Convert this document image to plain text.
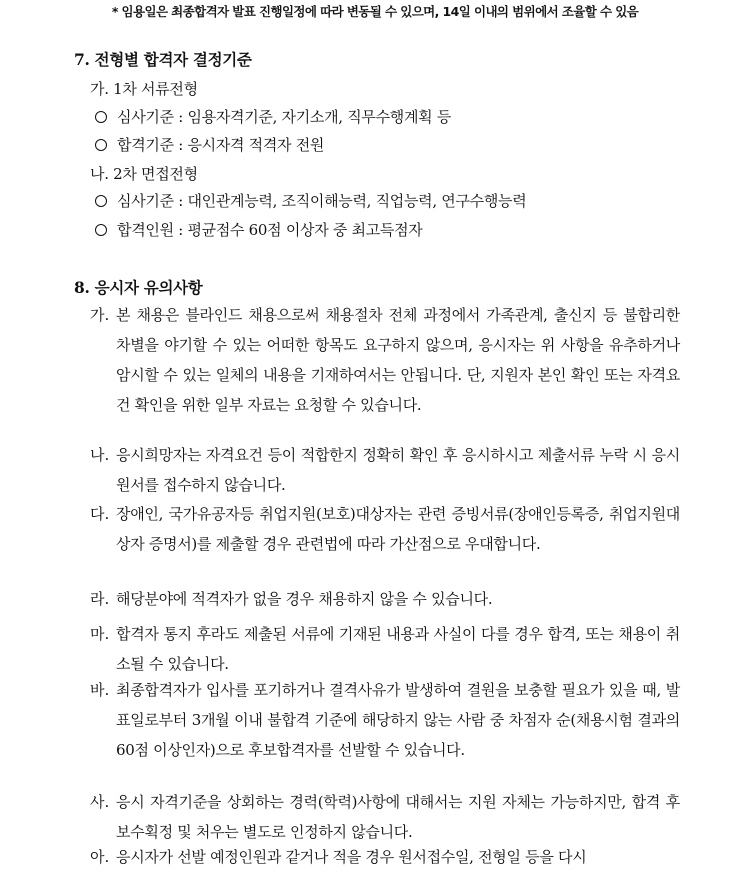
* 임용일은 최종합격자 발표 진행일정에 따라 변동될 수 있으며, 14일 이내의 범위에서 조율할 수 있음
7. 전형별 합격자 결정기준
가. 1차 서류전형
심사기준 : 임용자격기준, 자기소개, 직무수행계획 등
합격기준 : 응시자격 적격자 전원
나. 2차 면접전형
심사기준 : 대인관계능력, 조직이해능력, 직업능력, 연구수행능력
합격인원 : 평균점수 60점 이상자 중 최고득점자
8. 응시자 유의사항
가. 본 채용은 블라인드 채용으로써 채용절차 전체 과정에서 가족관계, 출신지 등 불합리한 차별을 야기할 수 있는 어떠한 항목도 요구하지 않으며, 응시자는 위 사항을 유추하거나 암시할 수 있는 일체의 내용을 기재하여서는 안됩니다. 단, 지원자 본인 확인 또는 자격요건 확인을 위한 일부 자료는 요청할 수 있습니다.
나. 응시희망자는 자격요건 등이 적합한지 정확히 확인 후 응시하시고 제출서류 누락 시 응시원서를 접수하지 않습니다.
다. 장애인, 국가유공자등 취업지원(보호)대상자는 관련 증빙서류(장애인등록증, 취업지원대상자 증명서)를 제출할 경우 관련법에 따라 가산점으로 우대합니다.
라. 해당분야에 적격자가 없을 경우 채용하지 않을 수 있습니다.
마. 합격자 통지 후라도 제출된 서류에 기재된 내용과 사실이 다를 경우 합격, 또는 채용이 취소될 수 있습니다.
바. 최종합격자가 입사를 포기하거나 결격사유가 발생하여 결원을 보충할 필요가 있을 때, 발표일로부터 3개월 이내 불합격 기준에 해당하지 않는 사람 중 차점자 순(채용시험 결과의 60점 이상인자)으로 후보합격자를 선발할 수 있습니다.
사. 응시 자격기준을 상회하는 경력(학력)사항에 대해서는 지원 자체는 가능하지만, 합격 후 보수획정 및 처우는 별도로 인정하지 않습니다.
아. 응시자가 선발 예정인원과 같거나 적을 경우 원서접수일, 전형일 등을 다시
